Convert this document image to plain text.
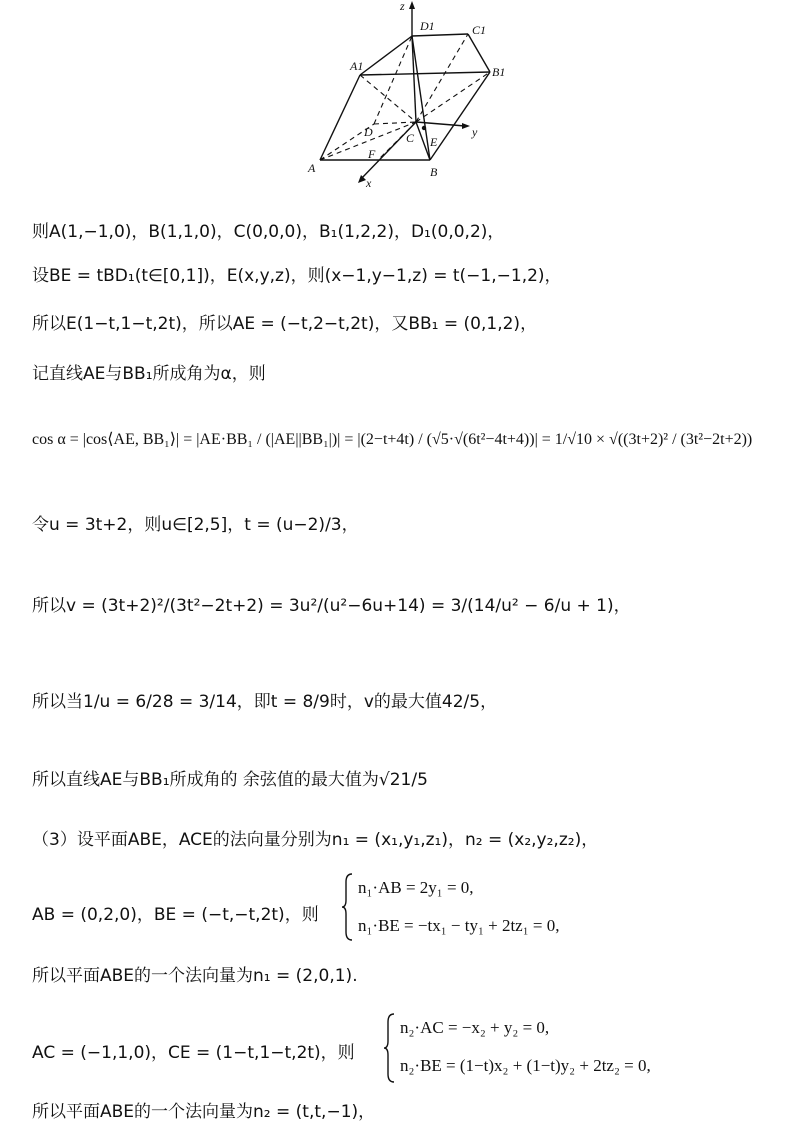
z
y
x
D1	C1
A1	B1
D	C E
A
F
B
则A(1,−1,0)，B(1,1,0)，C(0,0,0)，B₁(1,2,2)，D₁(0,0,2)，
设BE = tBD₁(t∈[0,1])，E(x,y,z)，则(x−1,y−1,z) = t(−1,−1,2)，
所以E(1−t,1−t,2t)，所以AE = (−t,2−t,2t)，又BB₁ = (0,1,2)，
记直线AE与BB₁所成角为α，则
cos α = |cos⟨AE, BB₁⟩| = |AE·BB₁ / (|AE||BB₁|)| = |(2−t+4t) / (√5·√(6t²−4t+4))| = 1/√10 × √((3t+2)² / (3t²−2t+2))
令u = 3t+2，则u∈[2,5]，t = (u−2)/3，
所以v = (3t+2)²/(3t²−2t+2) = 3u²/(u²−6u+14) = 3/(14/u² − 6/u + 1)，
所以当1/u = 6/28 = 3/14，即t = 8/9时，v的最大值42/5，
所以直线AE与BB₁所成角的 余弦值的最大值为√21/5
（3）设平面ABE，ACE的法向量分别为n₁ = (x₁,y₁,z₁)，n₂ = (x₂,y₂,z₂)，
AB = (0,2,0)，BE = (−t,−t,2t)，则
n₁·AB = 2y₁ = 0,
n₁·BE = −tx₁ − ty₁ + 2tz₁ = 0,
所以平面ABE的一个法向量为n₁ = (2,0,1).
AC = (−1,1,0)，CE = (1−t,1−t,2t)，则
n₂·AC = −x₂ + y₂ = 0,
n₂·BE = (1−t)x₂ + (1−t)y₂ + 2tz₂ = 0,
所以平面ABE的一个法向量为n₂ = (t,t,−1)，
